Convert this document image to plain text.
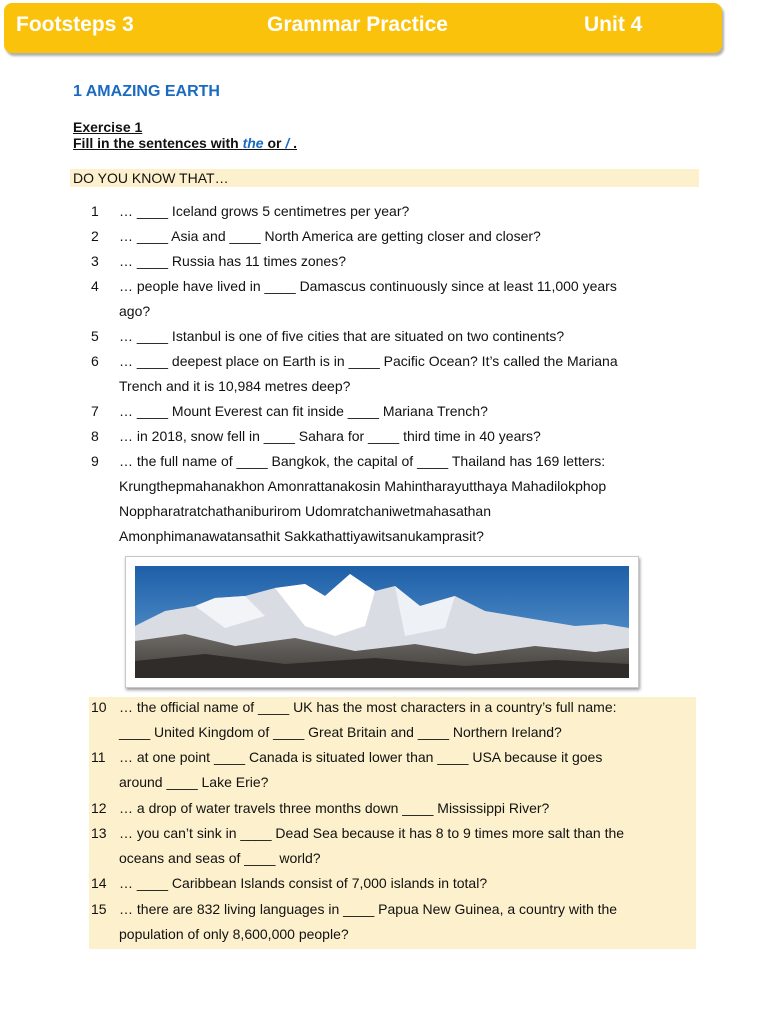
Footsteps 3	Grammar Practice	Unit 4
1 AMAZING EARTH
Exercise 1
Fill in the sentences with the or / .
DO YOU KNOW THAT…
1 … ____ Iceland grows 5 centimetres per year?
2 … ____ Asia and ____ North America are getting closer and closer?
3 … ____ Russia has 11 times zones?
4 … people have lived in ____ Damascus continuously since at least 11,000 years
ago?
5 … ____ Istanbul is one of five cities that are situated on two continents?
6 … ____ deepest place on Earth is in ____ Pacific Ocean? It’s called the Mariana
Trench and it is 10,984 metres deep?
7 … ____ Mount Everest can fit inside ____ Mariana Trench?
8 … in 2018, snow fell in ____ Sahara for ____ third time in 40 years?
9 … the full name of ____ Bangkok, the capital of ____ Thailand has 169 letters:
Krungthepmahanakhon Amonrattanakosin Mahintharayutthaya Mahadilokphop
Noppharatratchathaniburirom Udomratchaniwetmahasathan
Amonphimanawatansathit Sakkathattiyawitsanukamprasit?
10 … the official name of ____ UK has the most characters in a country’s full name:
____ United Kingdom of ____ Great Britain and ____ Northern Ireland?
11 … at one point ____ Canada is situated lower than ____ USA because it goes
around ____ Lake Erie?
12 … a drop of water travels three months down ____ Mississippi River?
13 … you can’t sink in ____ Dead Sea because it has 8 to 9 times more salt than the
oceans and seas of ____ world?
14 … ____ Caribbean Islands consist of 7,000 islands in total?
15 … there are 832 living languages in ____ Papua New Guinea, a country with the
population of only 8,600,000 people?
